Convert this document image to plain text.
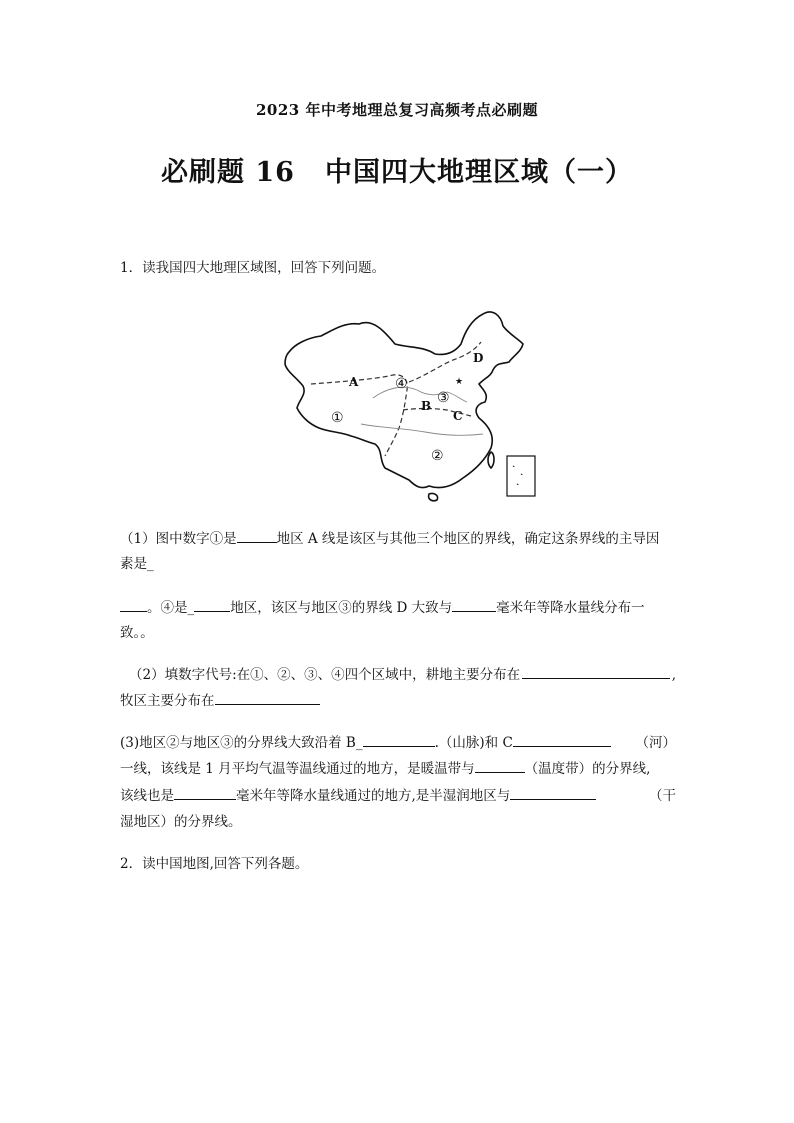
2023 年中考地理总复习高频考点必刷题
必刷题 16 中国四大地理区域（一）
1．读我国四大地理区域图，回答下列问题。
D
A	④	★
③
B
C
①
②
（1）图中数字①是	地区 A 线是该区与其他三个地区的界线，确定这条界线的主导因
素是_
。④是_	地区，该区与地区③的界线 D 大致与	毫米年等降水量线分布一
致。。
（2）填数字代号:在①、②、③、④四个区域中，耕地主要分布在	,
牧区主要分布在
(3)地区②与地区③的分界线大致沿着 B_	.（山脉)和 C	（河）
一线，该线是 1 月平均气温等温线通过的地方，是暖温带与	（温度带）的分界线,
该线也是	毫米年等降水量线通过的地方,是半湿润地区与	（干
湿地区）的分界线。
2．读中国地图,回答下列各题。
